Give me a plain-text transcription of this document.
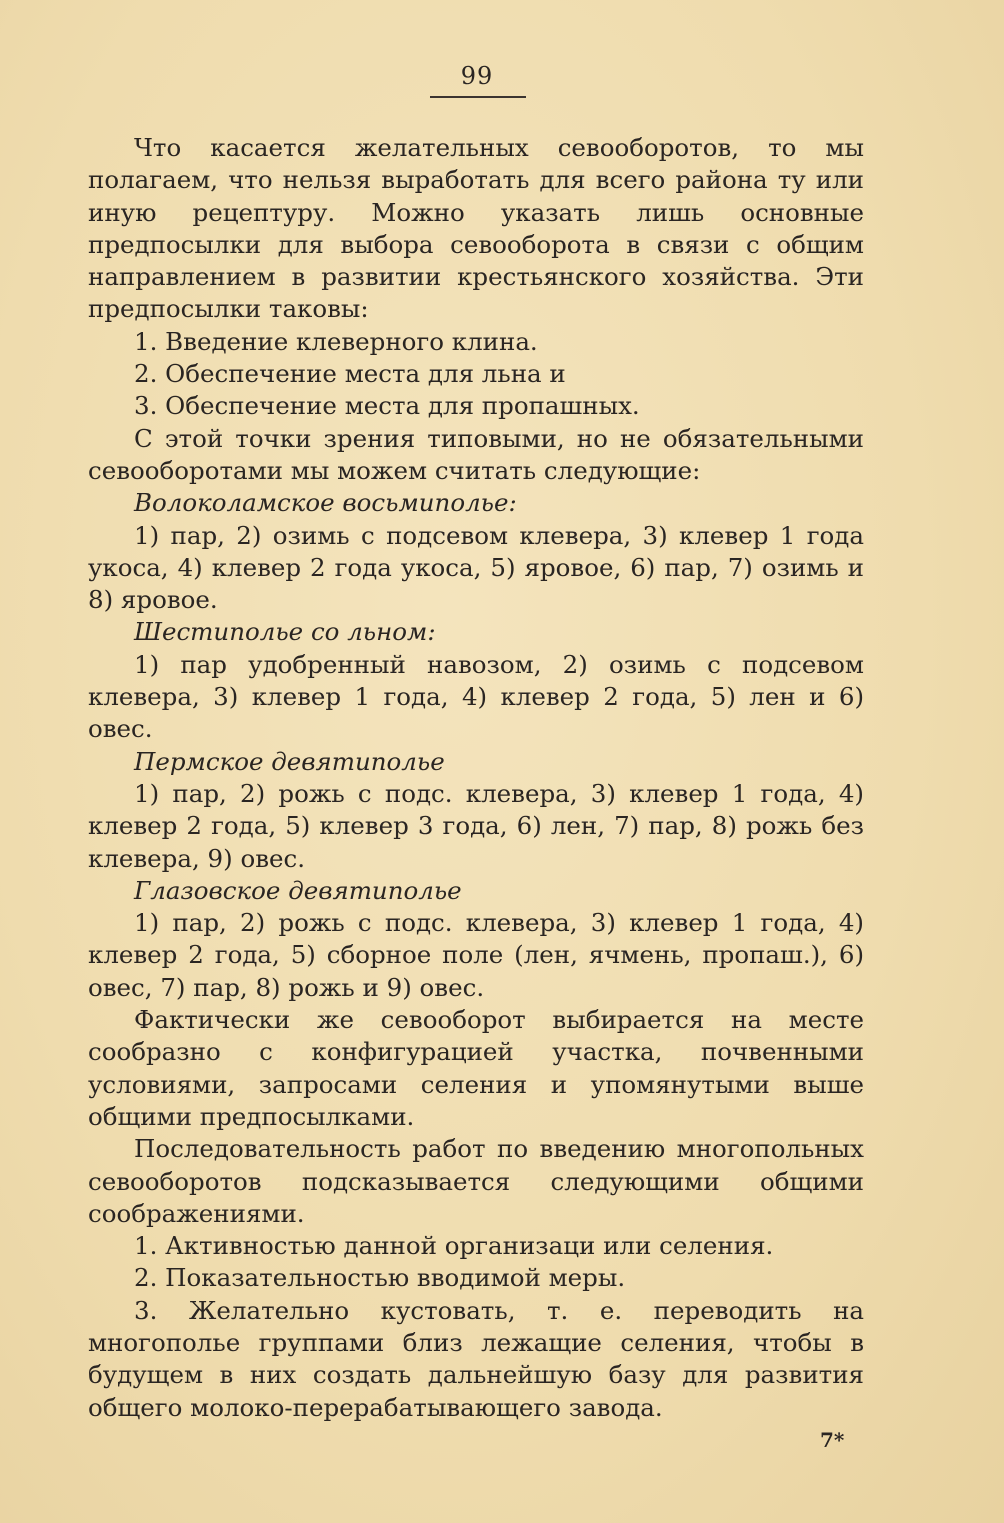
99

Что касается желательных севооборотов, то мы полагаем, что нельзя выработать для всего района ту или иную рецептуру. Можно указать лишь основные предпосылки для выбора севооборота в связи с общим направлением в развитии крестьянского хозяйства. Эти предпосылки таковы:

1. Введение клеверного клина.

2. Обеспечение места для льна и

3. Обеспечение места для пропашных.

С этой точки зрения типовыми, но не обязательными севооборотами мы можем считать следующие:

Волоколамское восьмиполье:

1) пар, 2) озимь с подсевом клевера, 3) клевер 1 года укоса, 4) клевер 2 года укоса, 5) яровое, 6) пар, 7) озимь и 8) яровое.

Шестиполье со льном:

1) пар удобренный навозом, 2) озимь с подсевом клевера, 3) клевер 1 года, 4) клевер 2 года, 5) лен и 6) овес.

Пермское девятиполье

1) пар, 2) рожь с подс. клевера, 3) клевер 1 года, 4) клевер 2 года, 5) клевер 3 года, 6) лен, 7) пар, 8) рожь без клевера, 9) овес.

Глазовское девятиполье

1) пар, 2) рожь с подс. клевера, 3) клевер 1 года, 4) клевер 2 года, 5) сборное поле (лен, ячмень, пропаш.), 6) овес, 7) пар, 8) рожь и 9) овес.

Фактически же севооборот выбирается на месте сообразно с конфигурацией участка, почвенными условиями, запросами селения и упомянутыми выше общими предпосылками.

Последовательность работ по введению многопольных севооборотов подсказывается следующими общими соображениями.

1. Активностью данной организаци или селения.

2. Показательностью вводимой меры.

3. Желательно кустовать, т. е. переводить на многополье группами близ лежащие селения, чтобы в будущем в них создать дальнейшую базу для развития общего молоко-перерабатывающего завода.

7*
